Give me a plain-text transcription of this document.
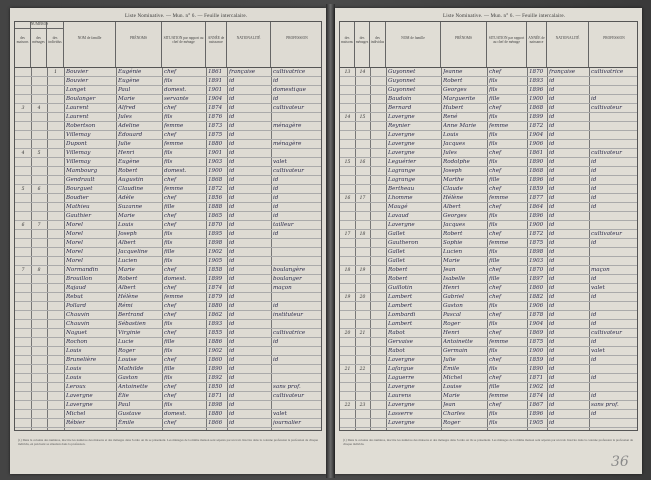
Liste Nominative. — Mun. n° 6. — Feuille intercalaire.
NUMÉROS
des maisons
des ménages
des individus
NOM de famille	PRÉNOMS	SITUATION par rapport au chef de ménage
ANNÉE de naissance
NATIONALITÉ	PROFESSION
1	Bouvier	Eugénie	chef	1861	française	cultivatrice
Bouvier	Eugène	fils	1891	id	id
Longet	Paul	domest.	1901	id	domestique
Boulanger	Marie	servante	1904	id	id
3	4	Laurent	Alfred	chef	1874	id	cultivateur
Laurent	Jules	fils	1876	id
Robertson	Adeline	femme	1873	id	ménagère
Villemay	Édouard	chef	1875	id
Dupont	Julie	femme	1880	id	ménagère
4	5	Villemay	Henri	fils	1901	id
Villemay	Eugène	fils	1903	id	valet
Mambourg	Robert	domest.	1900	id	cultivateur
Gendrault	Augustin	chef	1868	id	id
5	6	Bourguet	Claudine	femme	1872	id	id
Boudier	Adèle	chef	1856	id	id
Mathieu	Suzanne	fille	1888	id	id
Gauthier	Marie	chef	1865	id	id
6	7	Morel	Louis	chef	1870	id	tailleur
Morel	Joseph	fils	1895	id	id
Morel	Albert	fils	1898	id
Morel	Jacqueline	fille	1902	id
Morel	Lucien	fils	1905	id
7	8	Normandin	Marie	chef	1858	id	boulangère
Brouillon	Robert	domest.	1899	id	boulanger
Rajaud	Albert	chef	1874	id	maçon
Rebut	Hélène	femme	1879	id
Pollard	Rémi	chef	1880	id	id
Chauvin	Bertrand	chef	1862	id	instituteur
Chauvin	Sébastien	fils	1893	id
Naguet	Virginie	chef	1855	id	cultivatrice
Rochon	Lucie	fille	1886	id	id
Louis	Roger	fils	1902	id
Brunelière	Louise	chef	1860	id	id
Louis	Mathilde	fille	1890	id
Louis	Gaston	fils	1892	id
Leroux	Antoinette	chef	1850	id	sans prof.
Lavergne	Élie	chef	1871	id	cultivateur
Lavergne	Paul	fils	1898	id
Michel	Gustave	domest.	1880	id	valet
Rébier	Émile	chef	1866	id	journalier
(1) Dans la colonne des numéros, inscrire les numéros des maisons et des ménages dans l'ordre où ils se présentent. Les ménages de la même maison sont séparés par un trait. Inscrire dans la colonne profession la profession de chaque individu, en précisant sa situation dans la profession.
Liste Nominative. — Mun. n° 6. — Feuille intercalaire.
des maisons
des ménages
des individus
NOM de famille	PRÉNOMS	SITUATION par rapport au chef de ménage
ANNÉE de naissance
NATIONALITÉ	PROFESSION
13	14	Guyonnet	Jeanne	chef	1870	française	cultivatrice
Guyonnet	Robert	fils	1893	id
Guyonnet	Georges	fils	1896	id
Baudoin	Marguerite	fille	1900	id	id
Bernard	Hubert	chef	1868	id	cultivateur
14	15	Lavergne	René	fils	1899	id
Reynier	Anne Marie	femme	1872	id
Lavergne	Louis	fils	1904	id
Lavergne	Jacques	fils	1906	id
Lavergne	Jules	chef	1861	id	cultivateur
15	16	Leguérier	Rodolphe	fils	1890	id	id
Lagrange	Joseph	chef	1868	id	id
Lagrange	Marthe	fille	1896	id	id
Bertheau	Claude	chef	1859	id	id
16	17	Lhomme	Hélène	femme	1877	id	id
Maugé	Albert	chef	1864	id	id
Lavaud	Georges	fils	1896	id
Lavergne	Jacques	fils	1900	id
17	18	Gallet	Robert	chef	1872	id	cultivateur
Gautheron	Sophie	femme	1875	id	id
Gallet	Lucien	fils	1898	id
Gallet	Marie	fille	1903	id
18	19	Robert	Jean	chef	1870	id	maçon
Robert	Isabelle	fille	1897	id	id
Guillotin	Henri	chef	1860	id	valet
19	20	Lambert	Gabriel	chef	1882	id	id
Lambert	Gaston	fils	1906	id
Lombardi	Pascal	chef	1878	id	id
Lambert	Roger	fils	1904	id	id
20	21	Rabot	Henri	chef	1869	id	cultivateur
Gervaise	Antoinette	femme	1875	id	id
Rabot	Germain	fils	1900	id	valet
Lavergne	Julie	chef	1859	id	id
21	22	Lafargue	Émile	fils	1890	id
Laguerre	Michel	chef	1871	id	id
Lavergne	Louise	fille	1902	id
Laurens	Marie	femme	1874	id	id
22	23	Lavergne	Jean	chef	1867	id	sans prof.
Lasserre	Charles	fils	1896	id	id
Lavergne	Roger	fils	1905	id
(1) Dans la colonne des numéros, inscrire les numéros des maisons et des ménages dans l'ordre où ils se présentent. Les ménages de la même maison sont séparés par un trait. Inscrire dans la colonne profession la profession de chaque individu.
36
